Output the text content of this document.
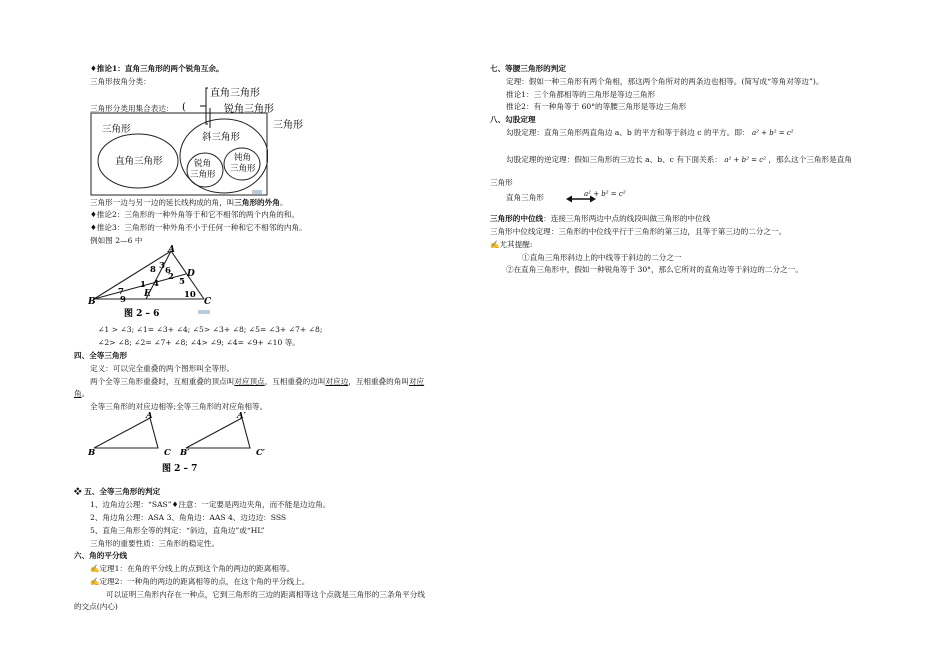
♦推论1：直角三角形的两个锐角互余。
三角形按角分类：
三角形分类用集合表达：
直角三角形
(	锐角三角形
三角形
三角形
直角三角形
斜三角形
锐角
三角形
钝角
三角形
三角形一边与另一边的延长线构成的角，叫三角形的外角。
♦推论2：三角形的一种外角等于和它不相邻的两个内角的和。
♦推论3：三角形的一种外角不小于任何一种和它不相邻的内角。
例如图 2—6 中
A
B	C
D
E
8 3
2
4
7
1	5
9
6
10
图 2 – 6
∠1 > ∠3; ∠1= ∠3+ ∠4; ∠5> ∠3+ ∠8; ∠5= ∠3+ ∠7+ ∠8;
∠2> ∠8; ∠2= ∠7+ ∠8; ∠4> ∠9; ∠4= ∠9+ ∠10 等。
四、全等三角形
定义：可以完全重叠的两个图形叫全等形。
两个全等三角形重叠时，互相重叠的顶点叫对应顶点，互相重叠的边叫对应边，互相重叠的角叫对应
角。
全等三角形的对应边相等;全等三角形的对应角相等。
A
B	C
A′
B′	C′
图 2 – 7
❖ 五、全等三角形的判定
1、边角边公理：“SAS”♦注意：一定要是两边夹角，而不能是边边角。
2、角边角公理：ASA 3、角角边：AAS 4、边边边：SSS
5、直角三角形全等的判定：“斜边，直角边”或“HL”
三角形的重要性质：三角形的稳定性。
六、角的平分线
✍定理1：在角的平分线上的点到这个角的两边的距离相等。
✍定理2：一种角的两边的距离相等的点，在这个角的平分线上。
可以证明三角形内存在一种点，它到三角形的三边的距离相等这个点就是三角形的三条角平分线
的交点(内心)
七、等腰三角形的判定
定理：假如一种三角形有两个角相，那这两个角所对的两条边也相等。(简写成“等角对等边”)。
推论1：三个角都相等的三角形是等边三角形
推论2：有一种角等于 60°的等腰三角形是等边三角形
八、勾股定理
勾股定理：直角三角形两直角边 a、b 的平方和等于斜边 c 的平方。即： a² + b² = c²
勾股定理的逆定理：假如三角形的三边长 a、b、c 有下面关系： a² + b² = c² ，那么这个三角形是直角
三角形
直角三角形	a² + b² = c²
三角形的中位线：连接三角形两边中点的线段叫做三角形的中位线
三角形中位线定理：三角形的中位线平行于三角形的第三边，且等于第三边的二分之一。
✍尤其提醒:
①直角三角形斜边上的中线等于斜边的二分之一
②在直角三角形中，假如一种锐角等于 30°，那么它所对的直角边等于斜边的二分之一。
